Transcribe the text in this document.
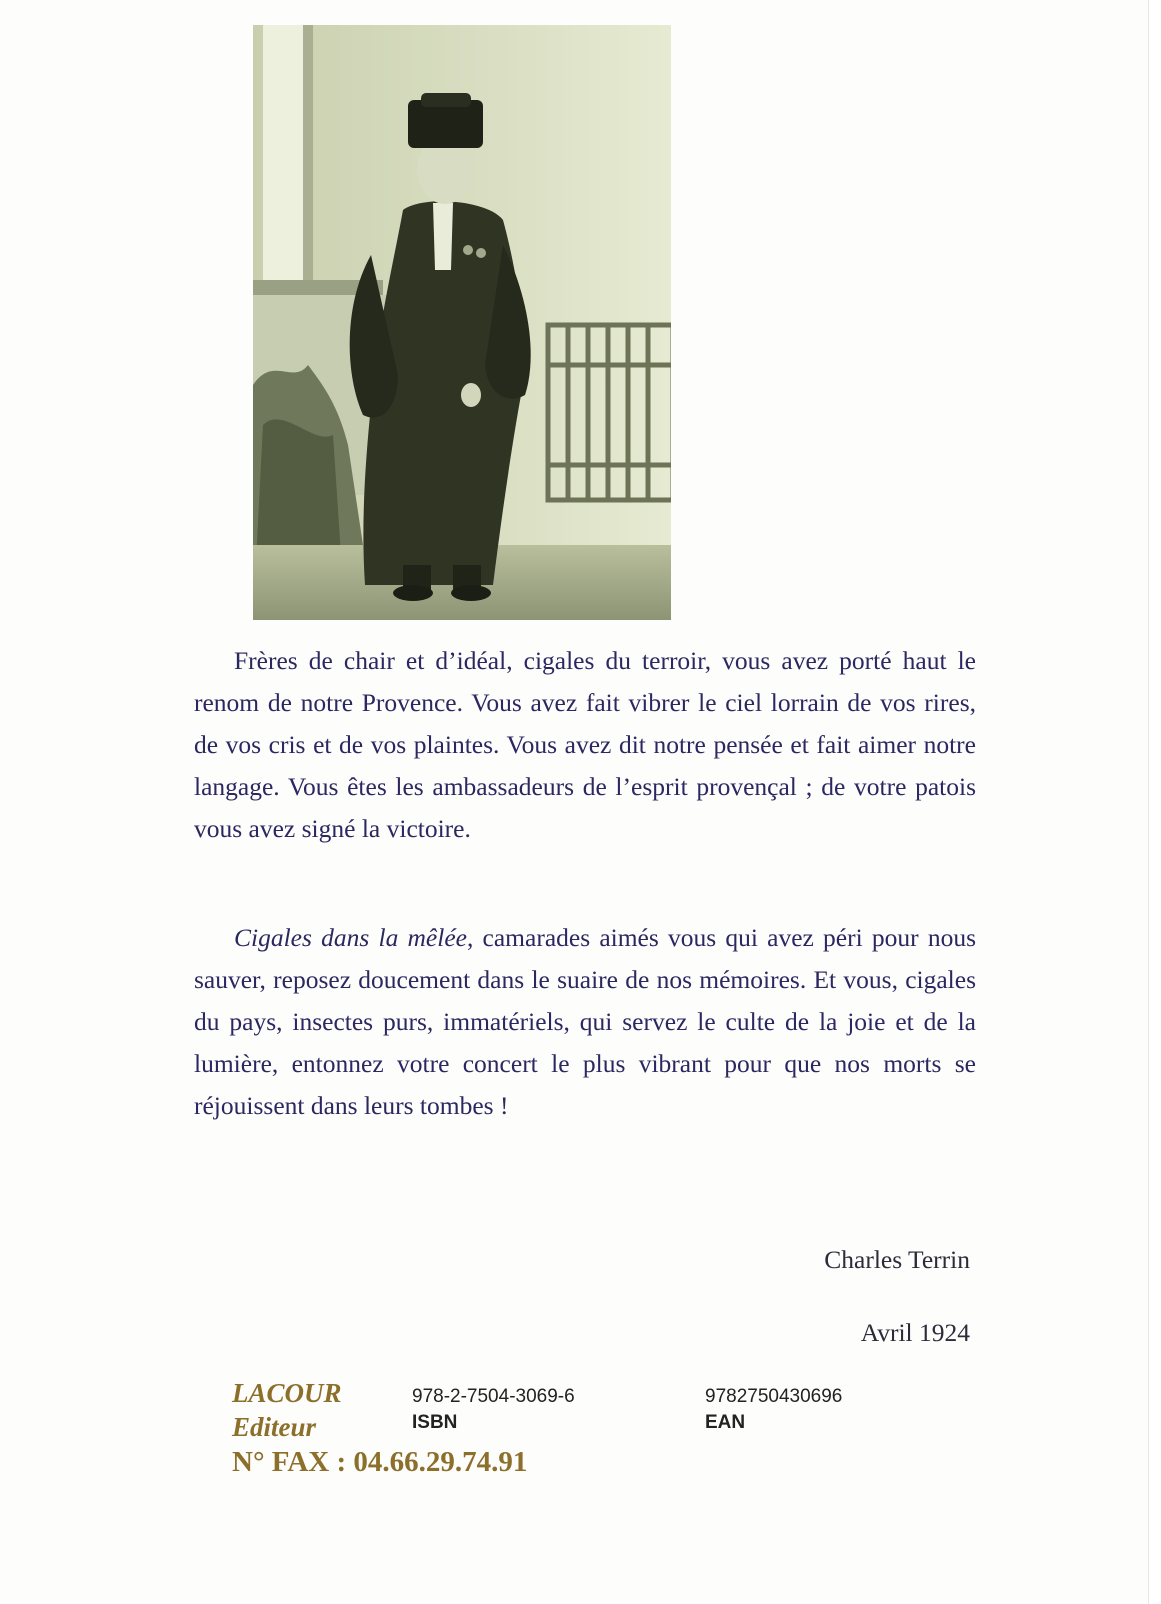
Frères de chair et d’idéal, cigales du terroir, vous avez porté haut le renom de notre Provence. Vous avez fait vibrer le ciel lorrain de vos rires, de vos cris et de vos plaintes. Vous avez dit notre pensée et fait aimer notre langage. Vous êtes les ambassadeurs de l’esprit provençal ; de votre patois vous avez signé la victoire.

Cigales dans la mêlée, camarades aimés vous qui avez péri pour nous sauver, reposez doucement dans le suaire de nos mémoires. Et vous, cigales du pays, insectes purs, immatériels, qui servez le culte de la joie et de la lumière, entonnez votre concert le plus vibrant pour que nos morts se réjouissent dans leurs tombes !

Charles Terrin
Avril 1924
LACOUR
Editeur
N° FAX : 04.66.29.74.91
978-2-7504-3069-6
ISBN
9782750430696
EAN
